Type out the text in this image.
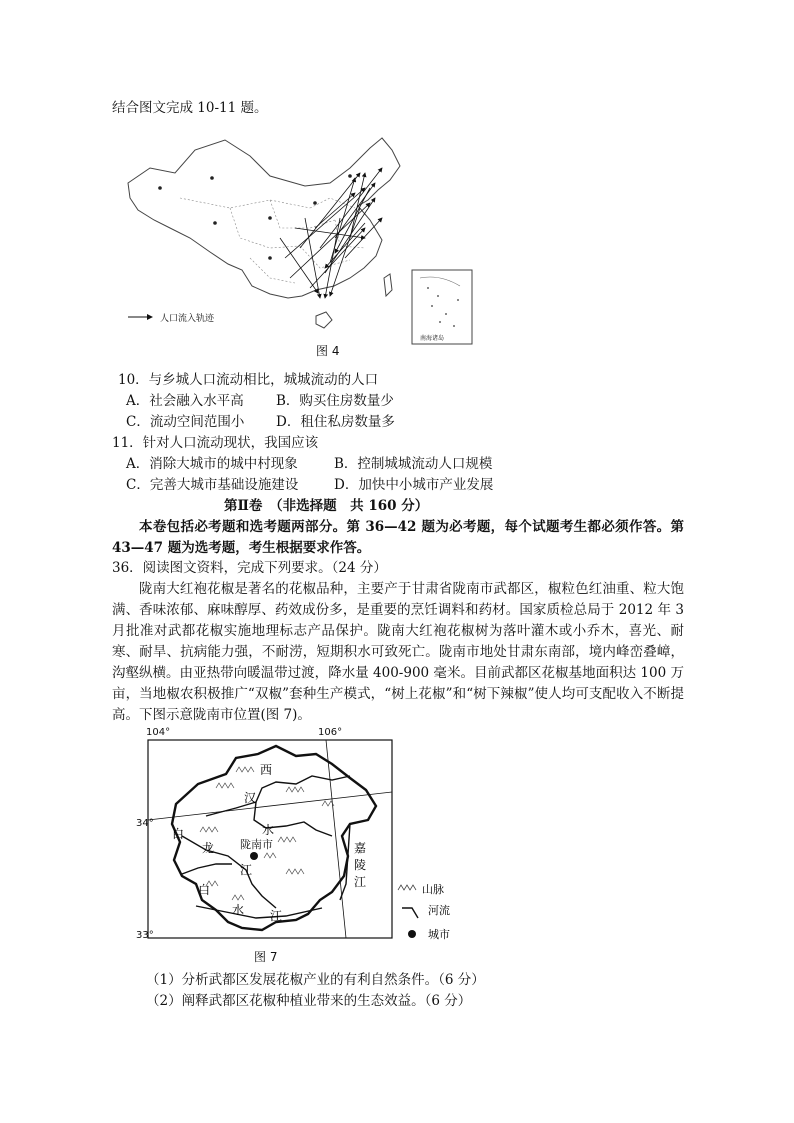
结合图文完成 10-11 题。
人口流入轨迹
南海诸岛
图 4
10．与乡城人口流动相比，城城流动的人口
A．社会融入水平高 B．购买住房数量少
C．流动空间范围小 D．租住私房数量多
11．针对人口流动现状，我国应该
A．消除大城市的城中村现象	B．控制城城流动人口规模
C．完善大城市基础设施建设	D．加快中小城市产业发展
第Ⅱ卷　（非选择题　共 160 分）
本卷包括必考题和选考题两部分。第 36—42 题为必考题，每个试题考生都必须作答。第 43—47 题为选考题，考生根据要求作答。
36．阅读图文资料，完成下列要求。（24 分）
陇南大红袍花椒是著名的花椒品种，主要产于甘肃省陇南市武都区，椒粒色红油重、粒大饱满、香味浓郁、麻味醇厚、药效成份多，是重要的烹饪调料和药材。国家质检总局于 2012 年 3 月批准对武都花椒实施地理标志产品保护。陇南大红袍花椒树为落叶灌木或小乔木，喜光、耐寒、耐旱、抗病能力强，不耐涝，短期积水可致死亡。陇南市地处甘肃东南部，境内峰峦叠嶂，沟壑纵横。由亚热带向暖温带过渡，降水量 400-900 毫米。目前武都区花椒基地面积达 100 万亩，当地椒农积极推广“双椒”套种生产模式，“树上花椒”和“树下辣椒”使人均可支配收入不断提高。下图示意陇南市位置(图 7)。
104°	106°
34°
33°
陇南市
西
汉
水
白
龙
江
白
水 江
嘉
陵
江
山脉
河流
城市
图 7
（1）分析武都区发展花椒产业的有利自然条件。（6 分）
（2）阐释武都区花椒种植业带来的生态效益。（6 分）
